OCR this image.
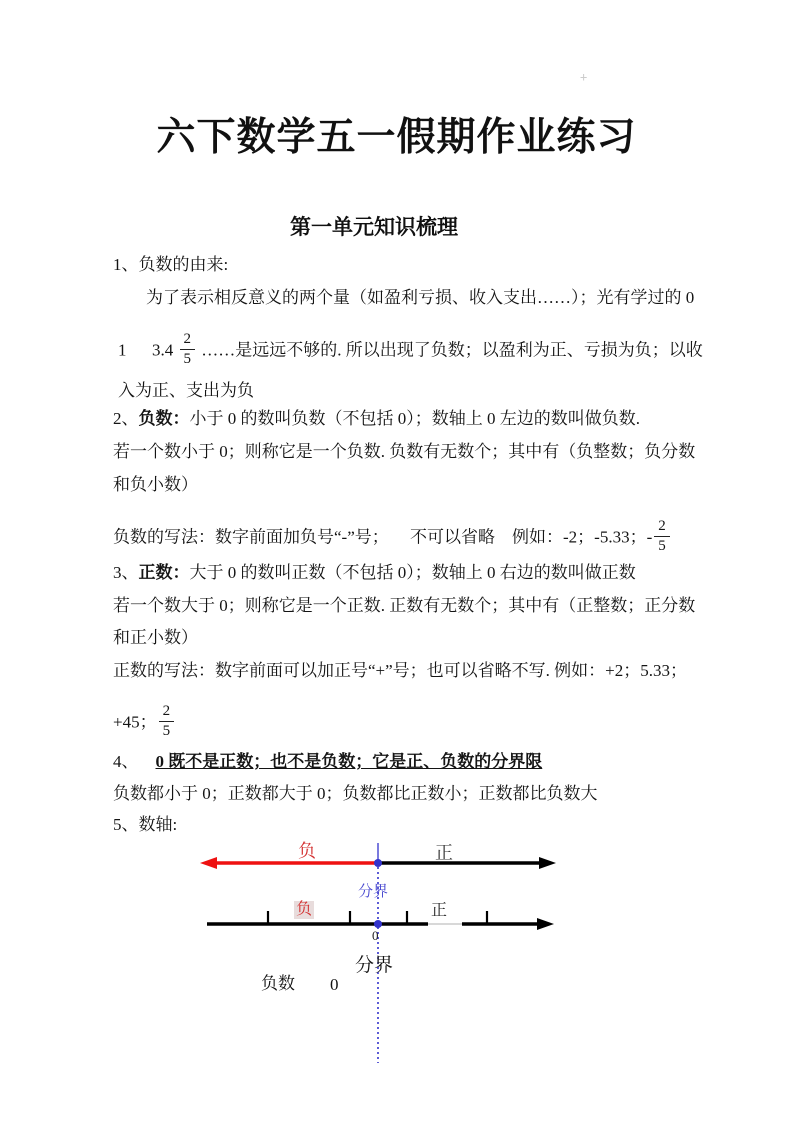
+
六下数学五一假期作业练习
第一单元知识梳理
1、负数的由来:
为了表示相反意义的两个量（如盈利亏损、收入支出……）；光有学过的 0
1      $3.4 \frac{2}{5}$ ……是远远不够的. 所以出现了负数；以盈利为正、亏损为负；以收
入为正、支出为负
2、负数：小于 0 的数叫负数（不包括 0）；数轴上 0 左边的数叫做负数.
若一个数小于 0；则称它是一个负数. 负数有无数个；其中有（负整数；负分数
和负小数）
负数的写法：数字前面加负号“-”号；     不可以省略    例如：-2；-5.33；- $\frac{2}{5}$
3、正数：大于 0 的数叫正数（不包括 0）；数轴上 0 右边的数叫做正数
若一个数大于 0；则称它是一个正数. 正数有无数个；其中有（正整数；正分数
和正小数）
正数的写法：数字前面可以加正号“+”号；也可以省略不写. 例如：+2；5.33；
+45； $\frac{2}{5}$
4、    0 既不是正数；也不是负数；它是正、负数的分界限
负数都小于 0；正数都大于 0；负数都比正数小；正数都比负数大
5、数轴:
负	正
分界
负	正
0
分界
负数 0
